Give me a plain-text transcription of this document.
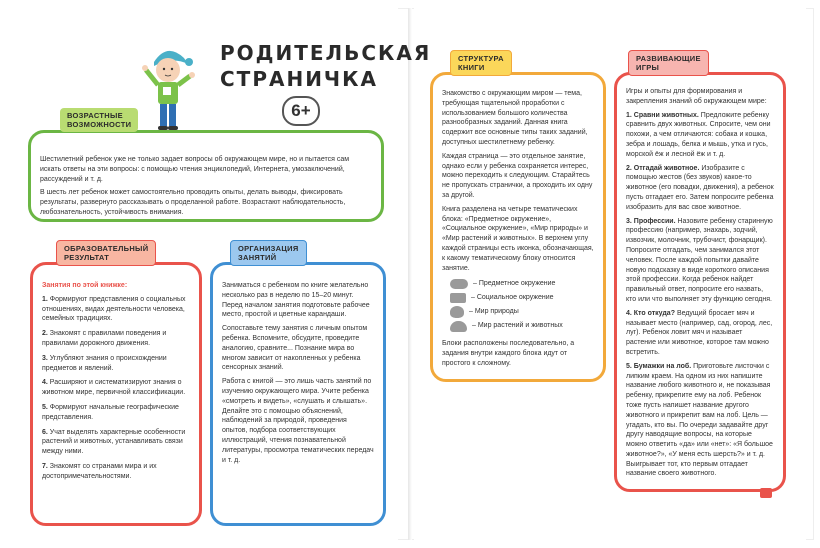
РОДИТЕЛЬСКАЯ
СТРАНИЧКА
6+

Шестилетний ребенок уже не только задает вопросы об окружающем мире, но и пытается сам искать ответы на эти вопросы: с помощью чтения энциклопедий, Интернета, умозаключений, рассуждений и т. д.

В шесть лет ребенок может самостоятельно проводить опыты, делать выводы, фиксировать результаты, развернуто рассказывать о проделанной работе. Возрастают наблюдательность, любознательность, устойчивость внимания.

ВОЗРАСТНЫЕ
ВОЗМОЖНОСТИ

Занятия по этой книжке:

1. Формируют представления о социальных отношениях, видах деятельности человека, семейных традициях.
2. Знакомят с правилами поведения и правилами дорожного движения.
3. Углубляют знания о происхождении предметов и явлений.
4. Расширяют и систематизируют знания о животном мире, первичной классификации.
5. Формируют начальные географические представления.
6. Учат выделять характерные особенности растений и животных, устанавливать связи между ними.
7. Знакомят со странами мира и их достопримечательностями.
ОБРАЗОВАТЕЛЬНЫЙ
РЕЗУЛЬТАТ

Заниматься с ребенком по книге желательно несколько раз в неделю по 15–20 минут. Перед началом занятия подготовьте рабочее место, простой и цветные карандаши.

Сопоставьте тему занятия с личным опытом ребенка. Вспомните, обсудите, проведите аналогию, сравните... Познание мира во многом зависит от накопленных у ребенка сенсорных знаний.

Работа с книгой — это лишь часть занятий по изучению окружающего мира. Учите ребенка «смотреть и видеть», «слушать и слышать». Делайте это с помощью объяснений, наблюдений за природой, проведения опытов, подбора соответствующих иллюстраций, чтения познавательной литературы, просмотра тематических передач и т. д.

ОРГАНИЗАЦИЯ
ЗАНЯТИЙ

Знакомство с окружающим миром — тема, требующая тщательной проработки с использованием большого количества разнообразных заданий. Данная книга содержит все основные типы таких заданий, доступных шестилетнему ребенку.

Каждая страница — это отдельное занятие, однако если у ребенка сохраняется интерес, можно переходить к следующим. Старайтесь не пропускать странички, а проходить их одну за другой.

Книга разделена на четыре тематических блока: «Предметное окружение», «Социальное окружение», «Мир природы» и «Мир растений и животных». В верхнем углу каждой страницы есть иконка, обозначающая, к какому тематическому блоку относится занятие.

– Предметное окружение
– Социальное окружение
– Мир природы
– Мир растений и животных

Блоки расположены последовательно, а задания внутри каждого блока идут от простого к сложному.

СТРУКТУРА
КНИГИ

Игры и опыты для формирования и закрепления знаний об окружающем мире:

1. Сравни животных. Предложите ребенку сравнить двух животных. Спросите, чем они похожи, а чем отличаются: собака и кошка, зебра и лошадь, белка и мышь, утка и гусь, морской ёж и лесной ёж и т. д.

2. Отгадай животное. Изобразите с помощью жестов (без звуков) какое-то животное (его повадки, движения), а ребенок пусть отгадает его. Затем попросите ребенка изобразить для вас свое животное.

3. Профессии. Назовите ребенку старинную профессию (например, знахарь, зодчий, извозчик, молочник, трубочист, фонарщик). Попросите отгадать, чем занимался этот человек. После каждой попытки давайте новую подсказку в виде короткого описания этой профессии. Когда ребенок найдет правильный ответ, попросите его назвать, кто или что выполняет эту функцию сегодня.

4. Кто откуда? Ведущий бросает мяч и называет место (например, сад, огород, лес, луг). Ребенок ловит мяч и называет растение или животное, которое там можно встретить.

5. Бумажки на лоб. Приготовьте листочки с липким краем. На одном из них напишите название любого животного и, не показывая ребенку, прикрепите ему на лоб. Ребенок тоже пусть напишет название другого животного и прикрепит вам на лоб. Цель — угадать, кто вы. По очереди задавайте друг другу наводящие вопросы, на которые можно ответить «да» или «нет»: «Я большое животное?», «У меня есть шерсть?» и т. д. Выигрывает тот, кто первым отгадает название своего животного.

РАЗВИВАЮЩИЕ
ИГРЫ
